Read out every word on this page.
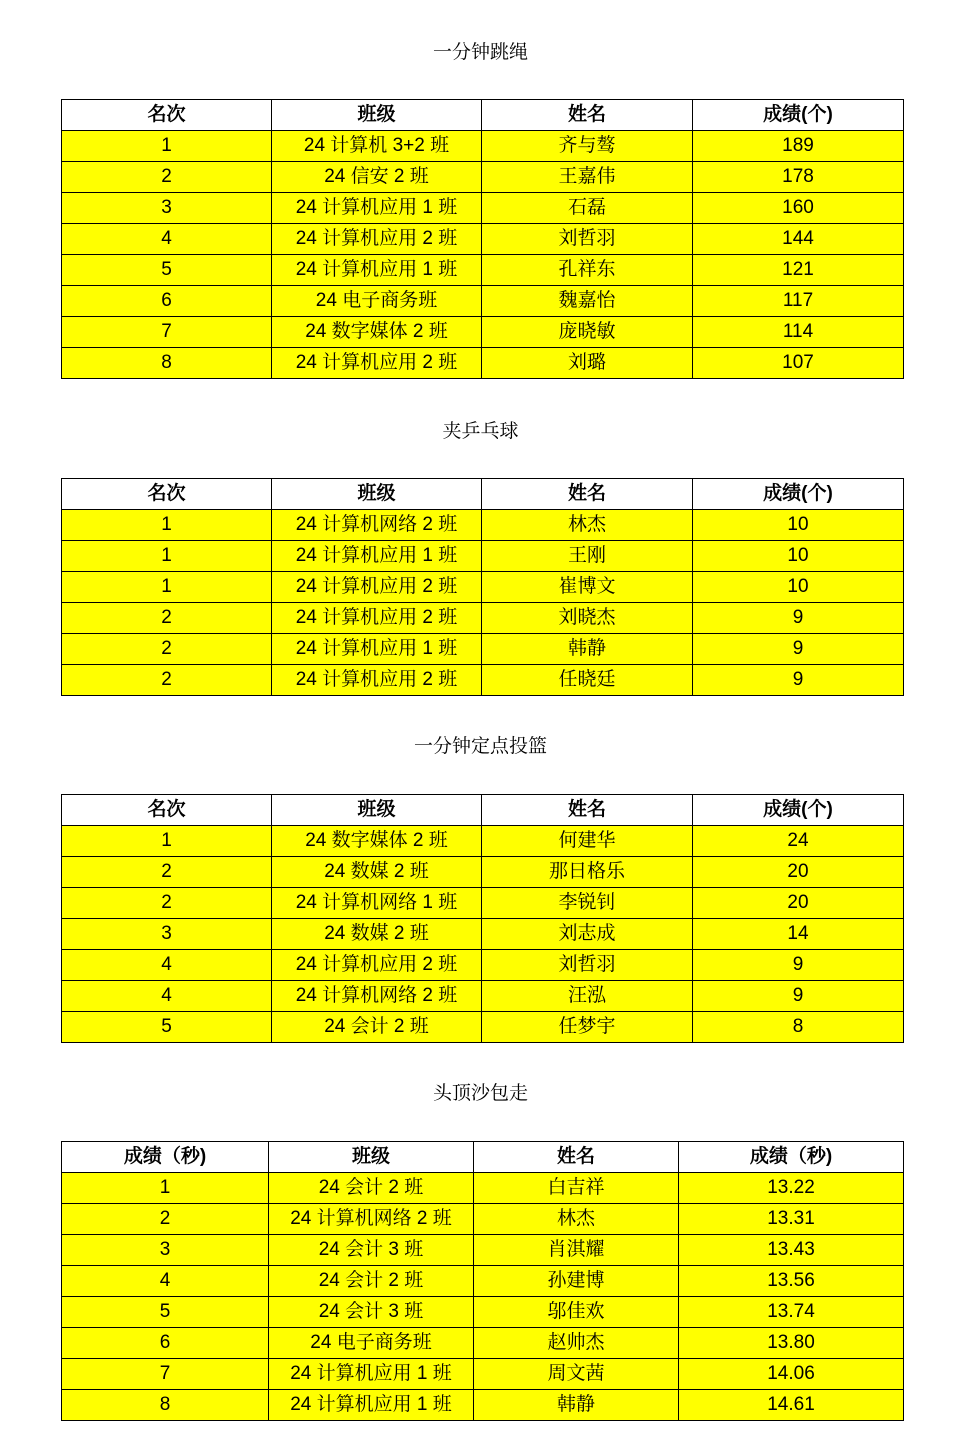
一分钟跳绳
名次	班级	姓名	成绩(个)
1	24 计算机 3+2 班	齐与骜	189
2	24 信安 2 班	王嘉伟	178
3	24 计算机应用 1 班	石磊	160
4	24 计算机应用 2 班	刘哲羽	144
5	24 计算机应用 1 班	孔祥东	121
6	24 电子商务班	魏嘉怡	117
7	24 数字媒体 2 班	庞晓敏	114
8	24 计算机应用 2 班	刘璐	107
夹乒乓球
名次	班级	姓名	成绩(个)
1	24 计算机网络 2 班	林杰	10
1	24 计算机应用 1 班	王刚	10
1	24 计算机应用 2 班	崔博文	10
2	24 计算机应用 2 班	刘晓杰	9
2	24 计算机应用 1 班	韩静	9
2	24 计算机应用 2 班	任晓廷	9
一分钟定点投篮
名次	班级	姓名	成绩(个)
1	24 数字媒体 2 班	何建华	24
2	24 数媒 2 班	那日格乐	20
2	24 计算机网络 1 班	李锐钊	20
3	24 数媒 2 班	刘志成	14
4	24 计算机应用 2 班	刘哲羽	9
4	24 计算机网络 2 班	汪泓	9
5	24 会计 2 班	任梦宇	8
头顶沙包走
成绩（秒)	班级	姓名	成绩（秒)
1	24 会计 2 班	白吉祥	13.22
2	24 计算机网络 2 班	林杰	13.31
3	24 会计 3 班	肖淇耀	13.43
4	24 会计 2 班	孙建博	13.56
5	24 会计 3 班	邬佳欢	13.74
6	24 电子商务班	赵帅杰	13.80
7	24 计算机应用 1 班	周文茜	14.06
8	24 计算机应用 1 班	韩静	14.61
